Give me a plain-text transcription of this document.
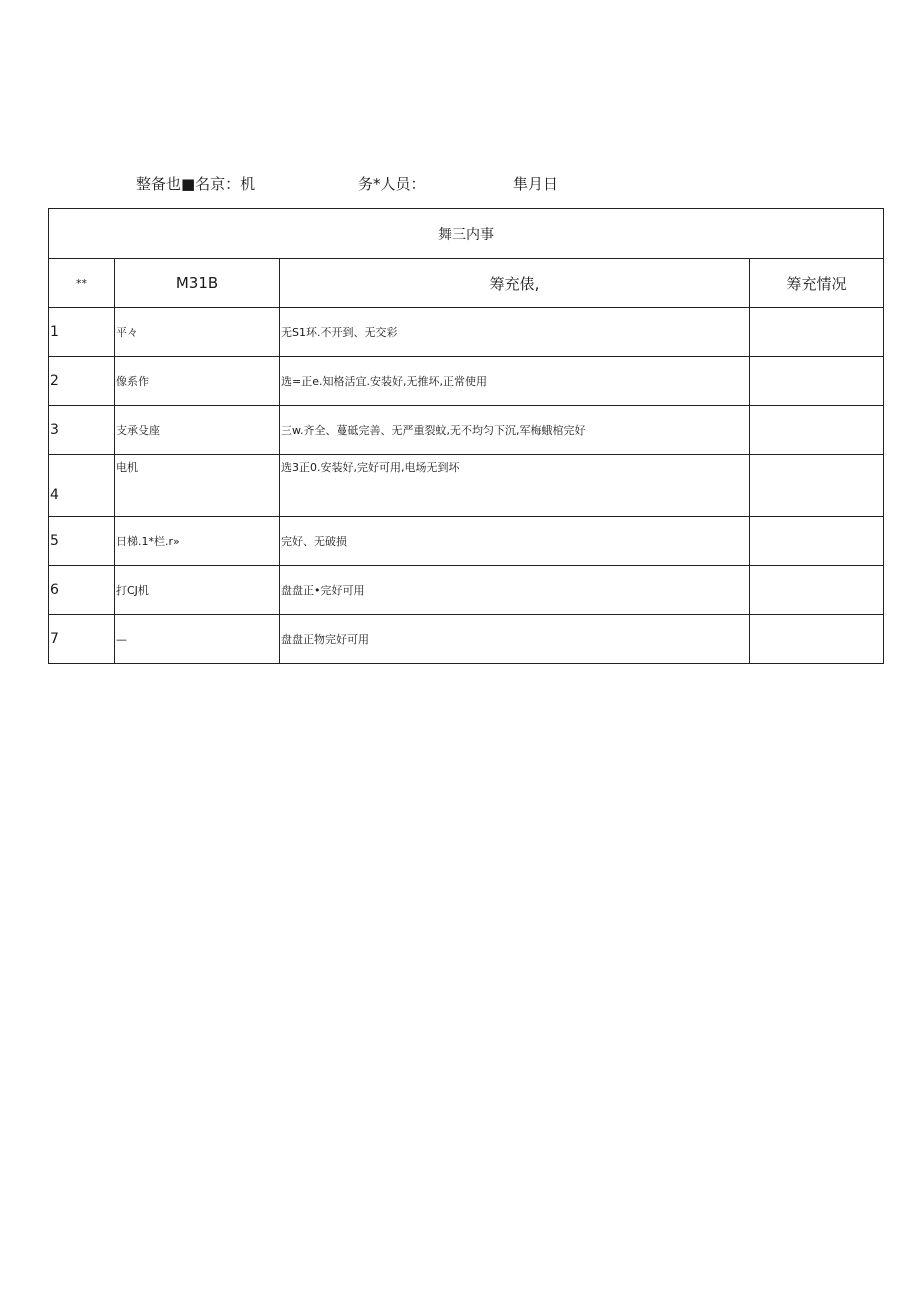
整备也■名京：机	务*人员：	隼月日
舞三内事			
**	M31B	筹充俵,	筹充情况
1	平々	无S1环.不开到、无交彩	
2	像系作	选=正e.知格活宜.安装好,无推坏,正常使用	
3	支承殳座	三w.齐全、蔓砥完善、无严重裂蚊,无不均匀下沉,军梅蛾棺完好	
4	电机	选3正0.安装好,完好可用,电场无到坏	
5	日梯.1*栏.r»	完好、无破损	
6	打CJ机	盘盘正•完好可用	
7	—	盘盘正物完好可用	
